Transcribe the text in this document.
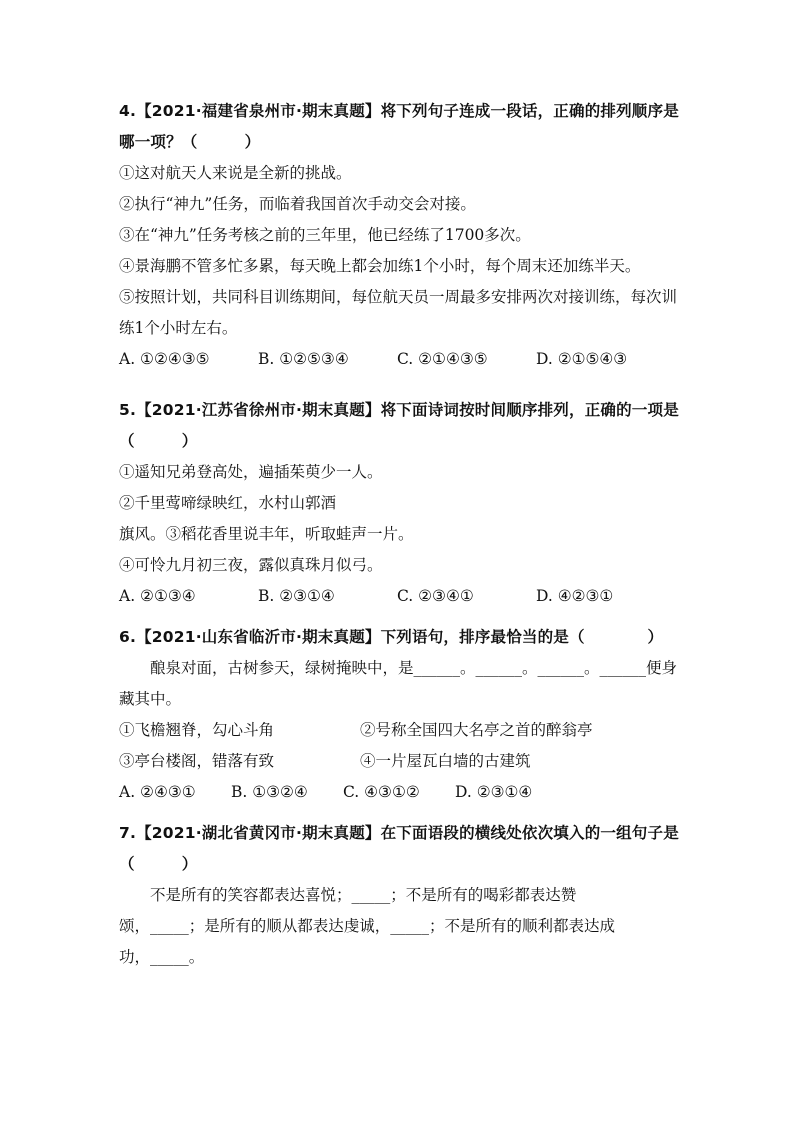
4.【2021·福建省泉州市·期末真题】将下列句子连成一段话，正确的排列顺序是哪一项？（　　　）

①这对航天人来说是全新的挑战。

②执行“神九”任务，而临着我国首次手动交会对接。

③在“神九”任务考核之前的三年里，他已经练了1700多次。

④景海鹏不管多忙多累，每天晚上都会加练1个小时，每个周末还加练半天。

⑤按照计划，共同科目训练期间，每位航天员一周最多安排两次对接训练，每次训练1个小时左右。

A. ①②④③⑤	B. ①②⑤③④	C. ②①④③⑤	D. ②①⑤④③

5.【2021·江苏省徐州市·期末真题】将下面诗词按时间顺序排列，正确的一项是（　　　）

①遥知兄弟登高处，遍插茱萸少一人。

②千里莺啼绿映红，水村山郭酒

旗风。③稻花香里说丰年，听取蛙声一片。

④可怜九月初三夜，露似真珠月似弓。

A. ②①③④	B. ②③①④	C. ②③④①	D. ④②③①

6.【2021·山东省临沂市·期末真题】下列语句，排序最恰当的是（　　　　）

酿泉对面，古树参天，绿树掩映中，是______。______。______。______便身藏其中。

①飞檐翘脊，勾心斗角	②号称全国四大名亭之首的醉翁亭
③亭台楼阁，错落有致	④一片屋瓦白墙的古建筑
A. ②④③①	B. ①③②④	C. ④③①②	D. ②③①④

7.【2021·湖北省黄冈市·期末真题】在下面语段的横线处依次填入的一组句子是（　　　）

不是所有的笑容都表达喜悦；_____；不是所有的喝彩都表达赞

颂，_____；是所有的顺从都表达虔诚，_____；不是所有的顺利都表达成

功，_____。
